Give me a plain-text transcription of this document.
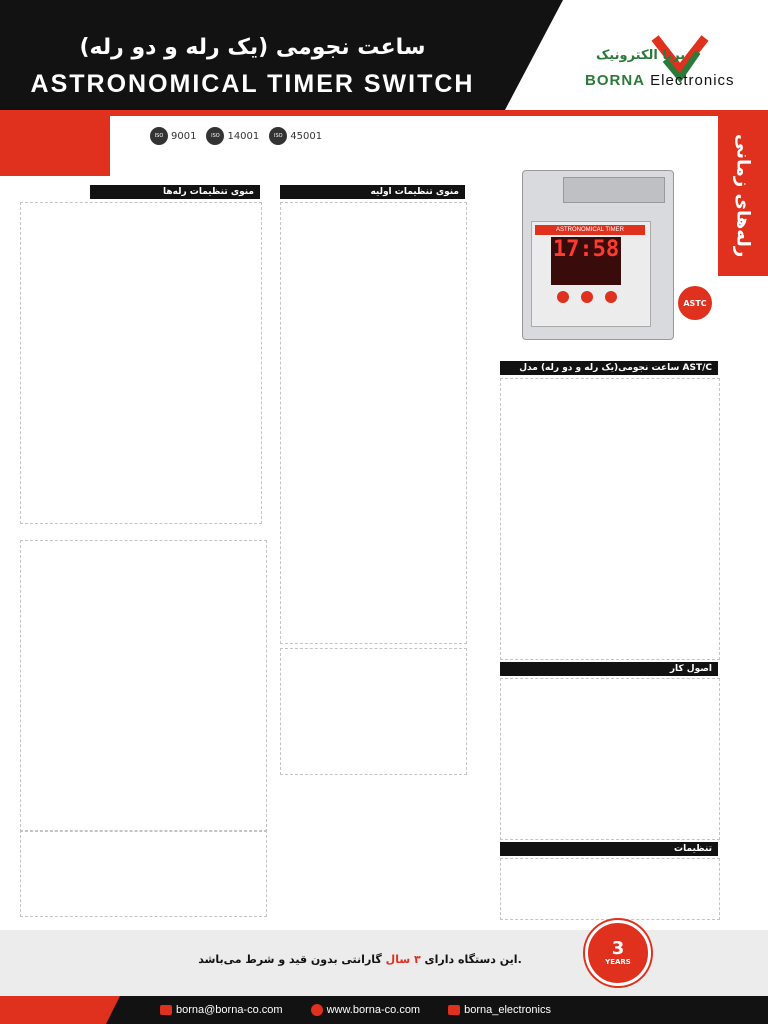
ساعت نجومی (یک رله و دو رله)
ASTRONOMICAL TIMER SWITCH
ISO 9001	ISO 14001	ISO 45001
برنا الکترونیک
BORNA Electronics
رله‌های زمانی
ASTRONOMICAL TIMER
17:58
ASTC
منوی تنظیمات رله‌ها	منوی تنظیمات اولیه
ساعت نجومی(یک رله و دو رله) مدل AST/C
اصول کار
تنظیمات
این دستگاه دارای ۳ سال گارانتی بدون قید و شرط می‌باشد.
3
YEARS
borna@borna-co.com	www.borna-co.com	borna_electronics
